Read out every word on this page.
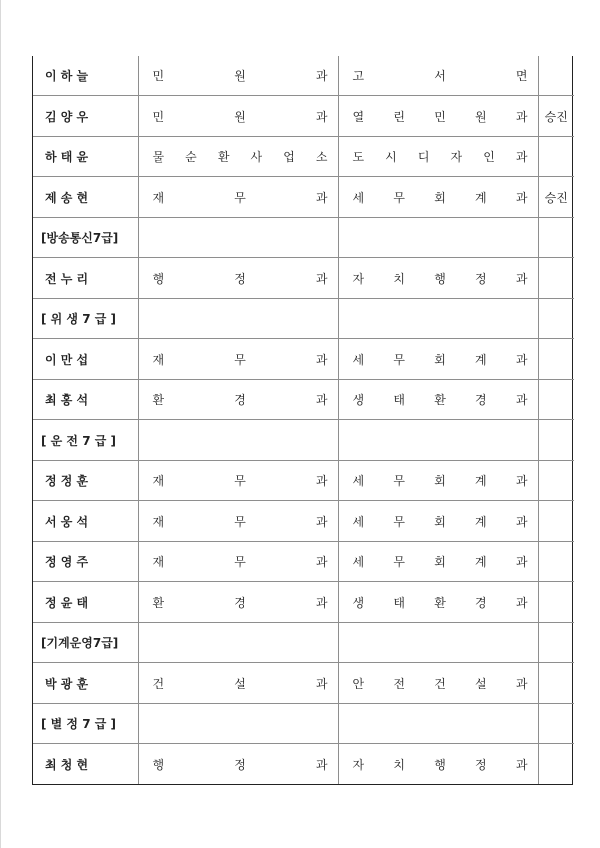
이 하 늘	민 원 과	고 서 면	
김 양 우	민 원 과	열 린 민 원 과	승진
하 태 윤	물 순 환 사 업 소	도 시 디 자 인 과	
제 송 현	재 무 과	세 무 회 계 과	승진
[방송통신7급]			
전 누 리	행 정 과	자 치 행 정 과	
[ 위 생 7 급 ]			
이 만 섭	재 무 과	세 무 회 계 과	
최 홍 석	환 경 과	생 태 환 경 과	
[ 운 전 7 급 ]			
정 정 훈	재 무 과	세 무 회 계 과	
서 웅 석	재 무 과	세 무 회 계 과	
정 영 주	재 무 과	세 무 회 계 과	
정 윤 태	환 경 과	생 태 환 경 과	
[기계운영7급]			
박 광 훈	건 설 과	안 전 건 설 과	
[ 별 정 7 급 ]			
최 청 현	행 정 과	자 치 행 정 과	
